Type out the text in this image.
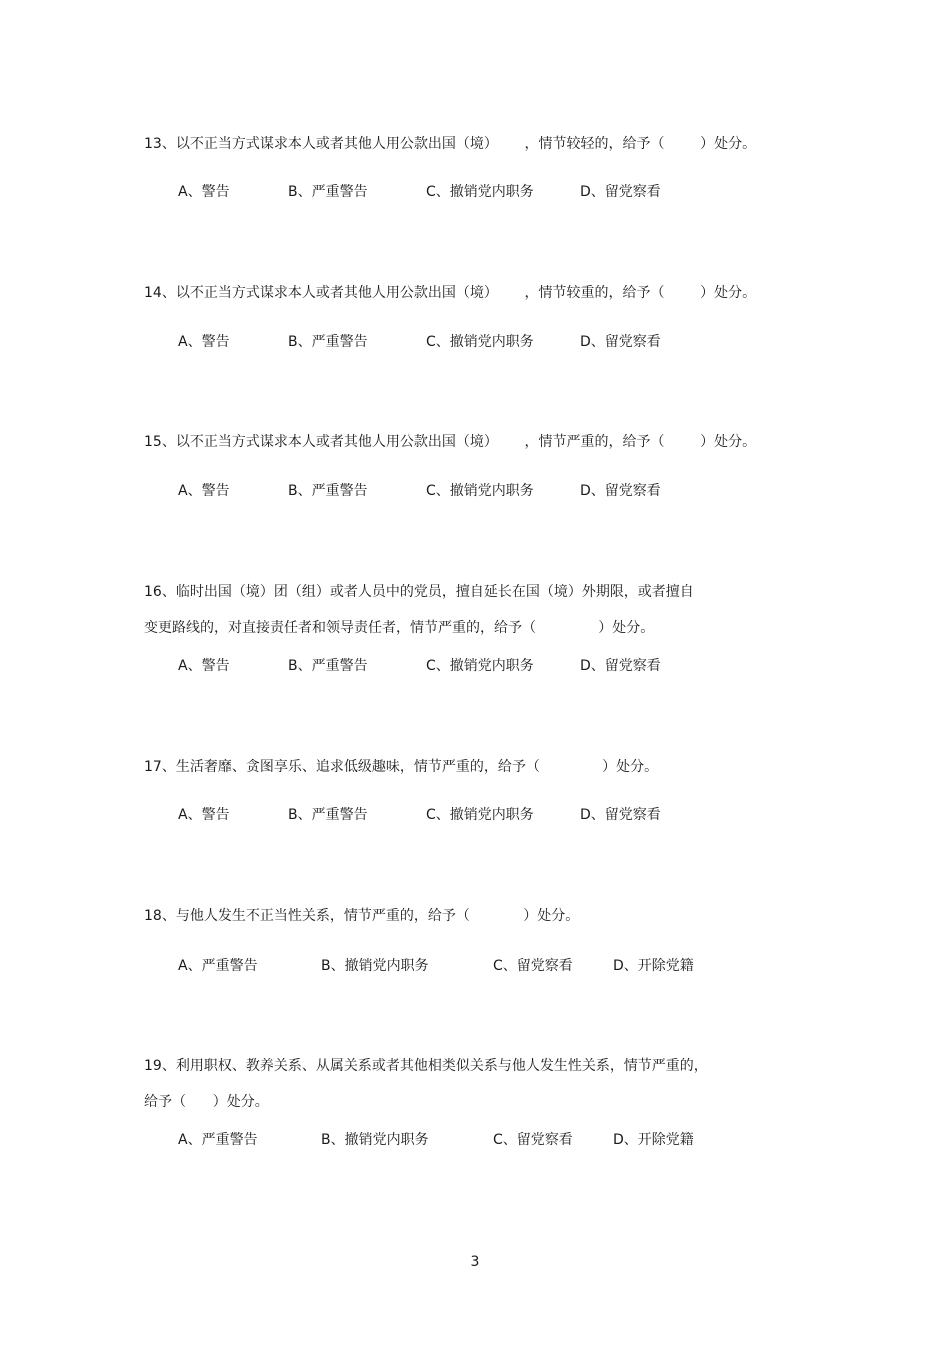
13、以不正当方式谋求本人或者其他人用公款出国（境）      ，情节较轻的，给予（        ）处分。
A、警告	B、严重警告	C、撤销党内职务	D、留党察看
14、以不正当方式谋求本人或者其他人用公款出国（境）      ，情节较重的，给予（        ）处分。
A、警告	B、严重警告	C、撤销党内职务	D、留党察看
15、以不正当方式谋求本人或者其他人用公款出国（境）      ，情节严重的，给予（        ）处分。
A、警告	B、严重警告	C、撤销党内职务	D、留党察看
16、临时出国（境）团（组）或者人员中的党员，擅自延长在国（境）外期限，或者擅自
变更路线的，对直接责任者和领导责任者，情节严重的，给予（              ）处分。
A、警告	B、严重警告	C、撤销党内职务	D、留党察看
17、生活奢靡、贪图享乐、追求低级趣味，情节严重的，给予（              ）处分。
A、警告	B、严重警告	C、撤销党内职务	D、留党察看
18、与他人发生不正当性关系，情节严重的，给予（            ）处分。
A、严重警告	B、撤销党内职务	C、留党察看	D、开除党籍
19、利用职权、教养关系、从属关系或者其他相类似关系与他人发生性关系，情节严重的，
给予（      ）处分。
A、严重警告	B、撤销党内职务	C、留党察看	D、开除党籍
3
